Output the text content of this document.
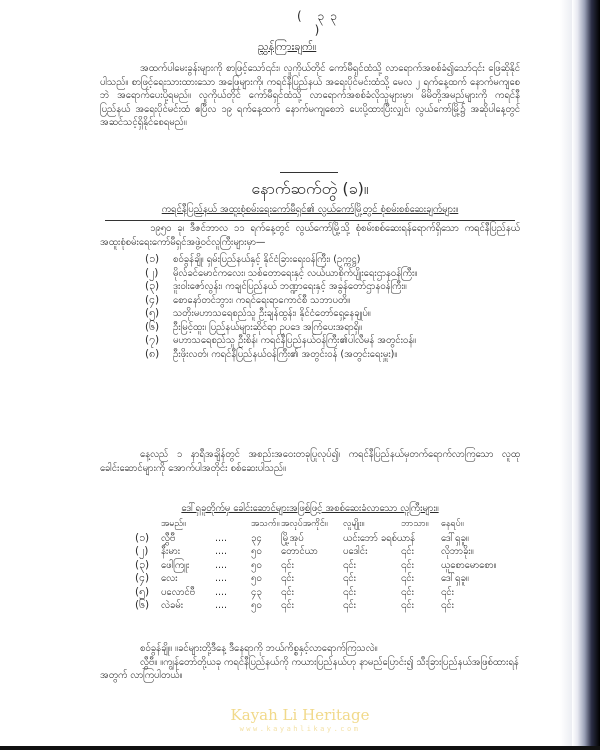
( ၃၃ )
ညွှန်ကြားချက်။
အထက်ပါမေးခွန်းများကို စာဖြင့်သော်၎င်း၊ လူကိုယ်တိုင် ကော်မီရှင်ထံသို့ လာရောက်အစစ်ခံ၍သော်၎င်း ဖြေဆိုနိုင်ပါသည်။ စာဖြင့်ရေးသားထားသော အဖြေများကို၊ ကရင်နီပြည်နယ် အရေးပိုင်မင်းထံသို့ မေလ ၂ ရက်နေ့ထက် နောက်မကျစေဘဲ အရောက်ပေးပို့ရမည်။ လူကိုယ်တိုင် ကော်မီရှင်ထံသို့ လာရောက်အစစ်ခံလိုသူများမှာ၊ မိမိတို့အမည်များကို ကရင်နီပြည်နယ် အရေးပိုင်မင်းထံ ဧပြီလ ၁၉ ရက်နေ့ထက် နောက်မကျစေဘဲ ပေးပို့ထားပြီးလျှင်၊ လွယ်ကော်မြို့၌ အဆိုပါနေ့တွင် အဆင်သင့်ရှိနိုင်စေရမည်။
နောက်ဆက်တွဲ (ခ)။
ကရင်နီပြည်နယ် အထူးစုံစမ်းရေးကော်မီရှင်၏ လွယ်ကော်မြို့တွင် စုံစမ်းစစ်ဆေးချက်များ။
၁၉၅၀ ခု၊ ဒီဇင်ဘာလ ၁၁ ရက်နေ့တွင် လွယ်ကော်မြို့သို့ စုံစမ်းစစ်ဆေးရန်ရောက်ရှိသော ကရင်နီပြည်နယ် အထူးစုံစမ်းရေးကော်မီရှင်အဖွဲ့ဝင်လူကြီးများမှာ—
(၁)	စဝ်ခွန်ချို၊ ရှမ်းပြည်နယ်နှင့် နိုင်ငံခြားရေးဝန်ကြီး၊ (ဥက္ကဋ္ဌ)
(၂)	မိုလ်ခင်မောင်ကလေး၊ သစ်တောရေးနှင့် လယ်ယာစိုက်ပျိုးရေးဌာနဝန်ကြီး။
(၃)	ဒူးဝါးဇော်လွန်း၊ ကချင်ပြည်နယ် ဘဏ္ဍာရေးနှင့် အခွန်တော်ဌာနဝန်ကြီး။
(၄)	စောနော်တင်ဘွား၊ ကရင်ရေးရာကောင်စီ သဘာပတိ။
(၅)	သတိုးမဟာသရေစည်သူ ဦးချန်ထွန်း၊ နိုင်ငံတော်ရှေ့နေချုပ်။
(၆)	ဦးမြင့်ထူး၊ ပြည်နယ်များဆိုင်ရာ ဥပဒေ အကြံပေးအရာရှိ။
(၇)	မဟာသရေစည်သူ ဦးစိန်၊ ကရင်နီပြည်နယ်ဝန်ကြီး၏ပါလီမန် အတွင်းဝန်။
(၈)	ဦးဖိုးလတ်၊ ကရင်နီပြည်နယ်ဝန်ကြီး၏ အတွင်းဝန် (အတွင်းရေးမှူး)။
နေ့လည် ၁ နာရီအချိန်တွင် အစည်းအဝေးတခုပြုလုပ်၍၊ ကရင်နီပြည်နယ်မှတက်ရောက်လာကြသော လူထုခေါင်းဆောင်များကို အောက်ပါအတိုင်း စစ်ဆေးပါသည်။
ဒေါ်ရှခူတိုက်မှ ခေါင်းဆောင်များအဖြစ်ဖြင့် အစစ်ဆေးခံလာသော လူကြီးများ။
အမည်။	အသက်။ အလုပ်အကိုင်။	လူမျိုး။	ဘာသာ။	နေရပ်။
(၁)	လွှီဗီ	....	၃၄	မြို့အုပ်	ယင်းဘော် ခရစ်ယာန်	ဒေါ်ရှခူ။
(၂)	နီးမား	....	၅၀	တောင်ယာ	ပဒေါင်း	၎င်း	လိုဘာခိုး။
(၃)	ဖေါကြူး	....	၅၀	၎င်း	၎င်း	၎င်း	ယူစောမောစော။
(၄)	လေး	....	၅၀	၎င်း	၎င်း	၎င်း	ဒေါ်ရှခူ။
(၅)	ပလောင်ဗီ	....	၄၃	၎င်း	၎င်း	၎င်း	၎င်း
(၆)	လဲခမ်း	....	၅၀	၎င်း	၎င်း	၎င်း	၎င်း
စဝ်ခွန်ချို။ ။ခင်များတို့ဒီနေ့ ဒီနေရာကို ဘယ်ကိစ္စနှင့်လာရောက်ကြသလဲ။
လွှီဗီ။ ။ကျွန်တော်တို့ယခု ကရင်နီပြည်နယ်ကို ကယားပြည်နယ်ဟု နာမည်ပြောင်း၍ သီးခြားပြည်နယ်အဖြစ်ထားရန်အတွက် လာကြပါတယ်။
Kayah Li Heritage
www.kayahlikay.com
